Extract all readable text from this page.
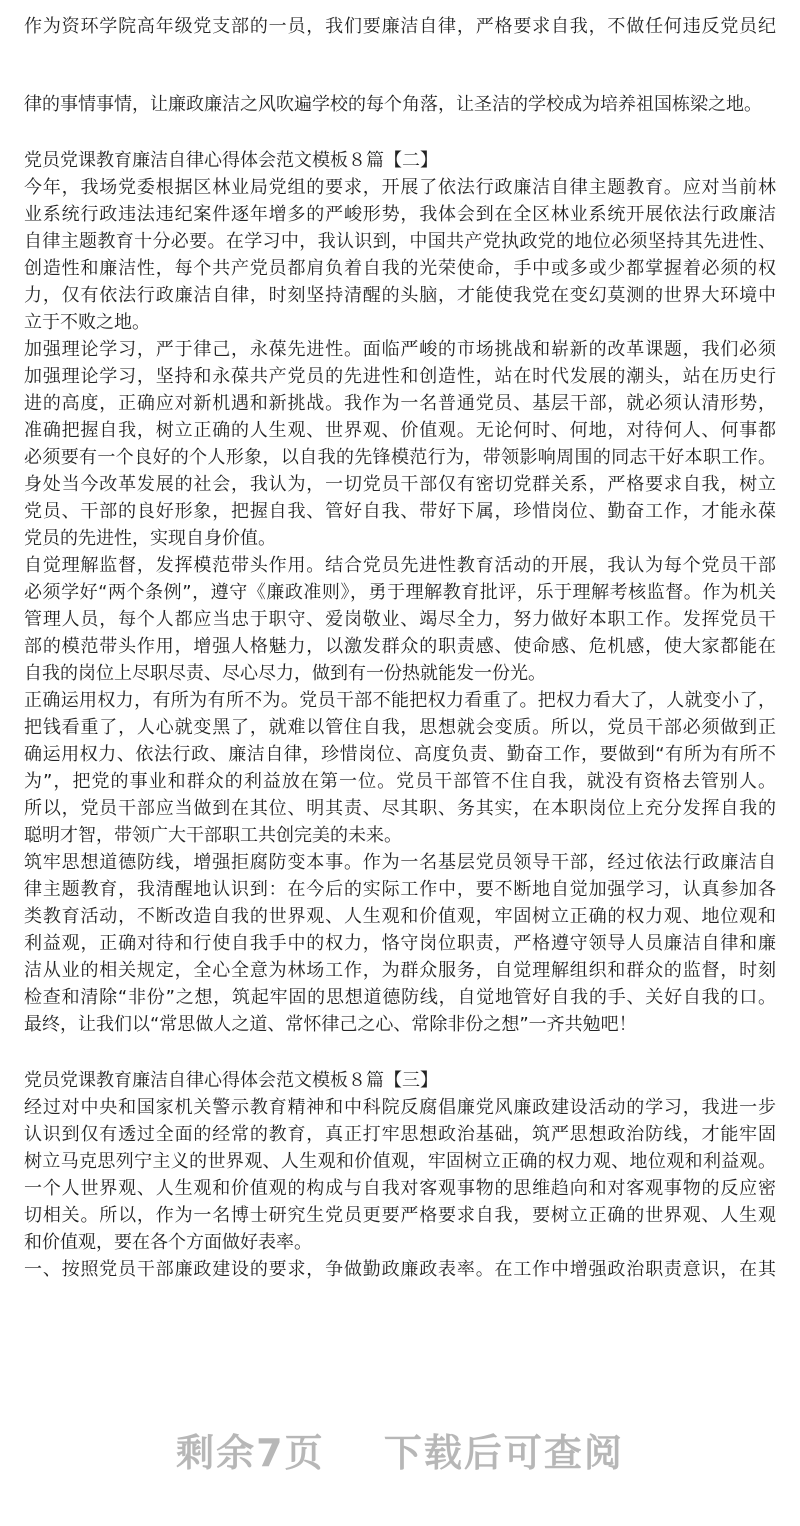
作为资环学院高年级党支部的一员，我们要廉洁自律，严格要求自我，不做任何违反党员纪
律的事情事情，让廉政廉洁之风吹遍学校的每个角落，让圣洁的学校成为培养祖国栋梁之地。
党员党课教育廉洁自律心得体会范文模板８篇【二】
今年，我场党委根据区林业局党组的要求，开展了依法行政廉洁自律主题教育。应对当前林
业系统行政违法违纪案件逐年增多的严峻形势，我体会到在全区林业系统开展依法行政廉洁
自律主题教育十分必要。在学习中，我认识到，中国共产党执政党的地位必须坚持其先进性、
创造性和廉洁性，每个共产党员都肩负着自我的光荣使命，手中或多或少都掌握着必须的权
力，仅有依法行政廉洁自律，时刻坚持清醒的头脑，才能使我党在变幻莫测的世界大环境中
立于不败之地。
加强理论学习，严于律己，永葆先进性。面临严峻的市场挑战和崭新的改革课题，我们必须
加强理论学习，坚持和永葆共产党员的先进性和创造性，站在时代发展的潮头，站在历史行
进的高度，正确应对新机遇和新挑战。我作为一名普通党员、基层干部，就必须认清形势，
准确把握自我，树立正确的人生观、世界观、价值观。无论何时、何地，对待何人、何事都
必须要有一个良好的个人形象，以自我的先锋模范行为，带领影响周围的同志干好本职工作。
身处当今改革发展的社会，我认为，一切党员干部仅有密切党群关系，严格要求自我，树立
党员、干部的良好形象，把握自我、管好自我、带好下属，珍惜岗位、勤奋工作，才能永葆
党员的先进性，实现自身价值。
自觉理解监督，发挥模范带头作用。结合党员先进性教育活动的开展，我认为每个党员干部
必须学好“两个条例”，遵守《廉政准则》，勇于理解教育批评，乐于理解考核监督。作为机关
管理人员，每个人都应当忠于职守、爱岗敬业、竭尽全力，努力做好本职工作。发挥党员干
部的模范带头作用，增强人格魅力，以激发群众的职责感、使命感、危机感，使大家都能在
自我的岗位上尽职尽责、尽心尽力，做到有一份热就能发一份光。
正确运用权力，有所为有所不为。党员干部不能把权力看重了。把权力看大了，人就变小了，
把钱看重了，人心就变黑了，就难以管住自我，思想就会变质。所以，党员干部必须做到正
确运用权力、依法行政、廉洁自律，珍惜岗位、高度负责、勤奋工作，要做到“有所为有所不
为”，把党的事业和群众的利益放在第一位。党员干部管不住自我，就没有资格去管别人。
所以，党员干部应当做到在其位、明其责、尽其职、务其实，在本职岗位上充分发挥自我的
聪明才智，带领广大干部职工共创完美的未来。
筑牢思想道德防线，增强拒腐防变本事。作为一名基层党员领导干部，经过依法行政廉洁自
律主题教育，我清醒地认识到：在今后的实际工作中，要不断地自觉加强学习，认真参加各
类教育活动，不断改造自我的世界观、人生观和价值观，牢固树立正确的权力观、地位观和
利益观，正确对待和行使自我手中的权力，恪守岗位职责，严格遵守领导人员廉洁自律和廉
洁从业的相关规定，全心全意为林场工作，为群众服务，自觉理解组织和群众的监督，时刻
检查和清除“非份”之想，筑起牢固的思想道德防线，自觉地管好自我的手、关好自我的口。
最终，让我们以“常思做人之道、常怀律己之心、常除非份之想”一齐共勉吧！
党员党课教育廉洁自律心得体会范文模板８篇【三】
经过对中央和国家机关警示教育精神和中科院反腐倡廉党风廉政建设活动的学习，我进一步
认识到仅有透过全面的经常的教育，真正打牢思想政治基础，筑严思想政治防线，才能牢固
树立马克思列宁主义的世界观、人生观和价值观，牢固树立正确的权力观、地位观和利益观。
一个人世界观、人生观和价值观的构成与自我对客观事物的思维趋向和对客观事物的反应密
切相关。所以，作为一名博士研究生党员更要严格要求自我，要树立正确的世界观、人生观
和价值观，要在各个方面做好表率。
一、按照党员干部廉政建设的要求，争做勤政廉政表率。在工作中增强政治职责意识，在其
剩余7页 下载后可查阅
